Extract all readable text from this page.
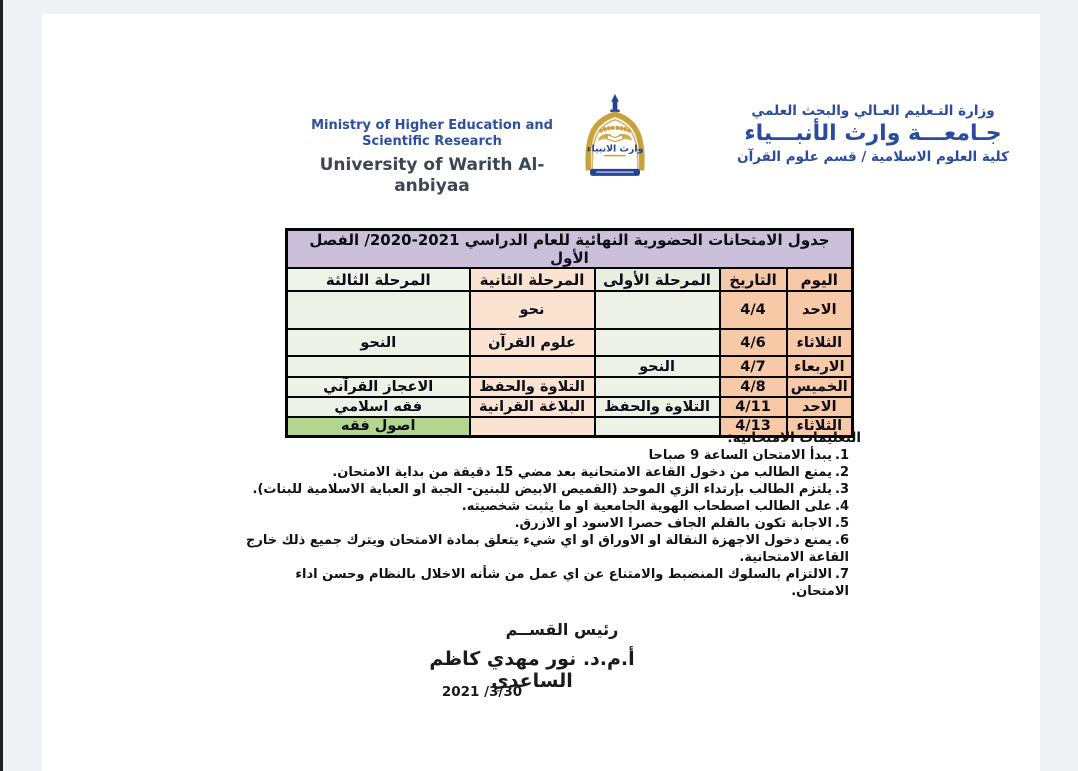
Ministry of Higher Education and
Scientific Research
University of Warith Al- anbiyaa
وارث الانبياء
وزارة التـعليم العـالي والبحث العلمي
جـامعـــة وارث الأنبـــياء
كلية العلوم الاسلامية / قسم علوم القرآن
جدول الامتحانات الحضورية النهائية للعام الدراسي 2021-2020/ الفصل الأول				
اليوم	التاريخ	المرحلة الأولى	المرحلة الثانية	المرحلة الثالثة
الاحد	4/4		نحو	
الثلاثاء	4/6		علوم القرآن	النحو
الاربعاء	4/7	النحو		
الخميس	4/8		التلاوة والحفظ	الاعجاز القرآني
الاحد	4/11	التلاوة والحفظ	البلاغة القرانية	فقه اسلامي
الثلاثاء	4/13			اصول فقه
التعليمات الامتحانية:
1.يبدأ الامتحان الساعة 9 صباحا
2.يمنع الطالب من دخول القاعة الامتحانية بعد مضي 15 دقيقة من بداية الامتحان.
3.يلتزم الطالب بإرتداء الزي الموحد (القميص الابيض للبنين- الجبة او العباية الاسلامية للبنات).
4.على الطالب اصطحاب الهوية الجامعية او ما يثبت شخصيته.
5.الاجابة تكون بالقلم الجاف حصرا الاسود او الازرق.
6.يمنع دخول الاجهزة النقالة او الاوراق او اي شيء يتعلق بمادة الامتحان ويترك جميع ذلك خارج القاعة الامتحانية.
7.الالتزام بالسلوك المنضبط والامتناع عن اي عمل من شأنه الاخلال بالنظام وحسن اداء الامتحان.
رئيس القســم
أ.م.د. نور مهدي كاظم الساعدي
2021 /3/30
